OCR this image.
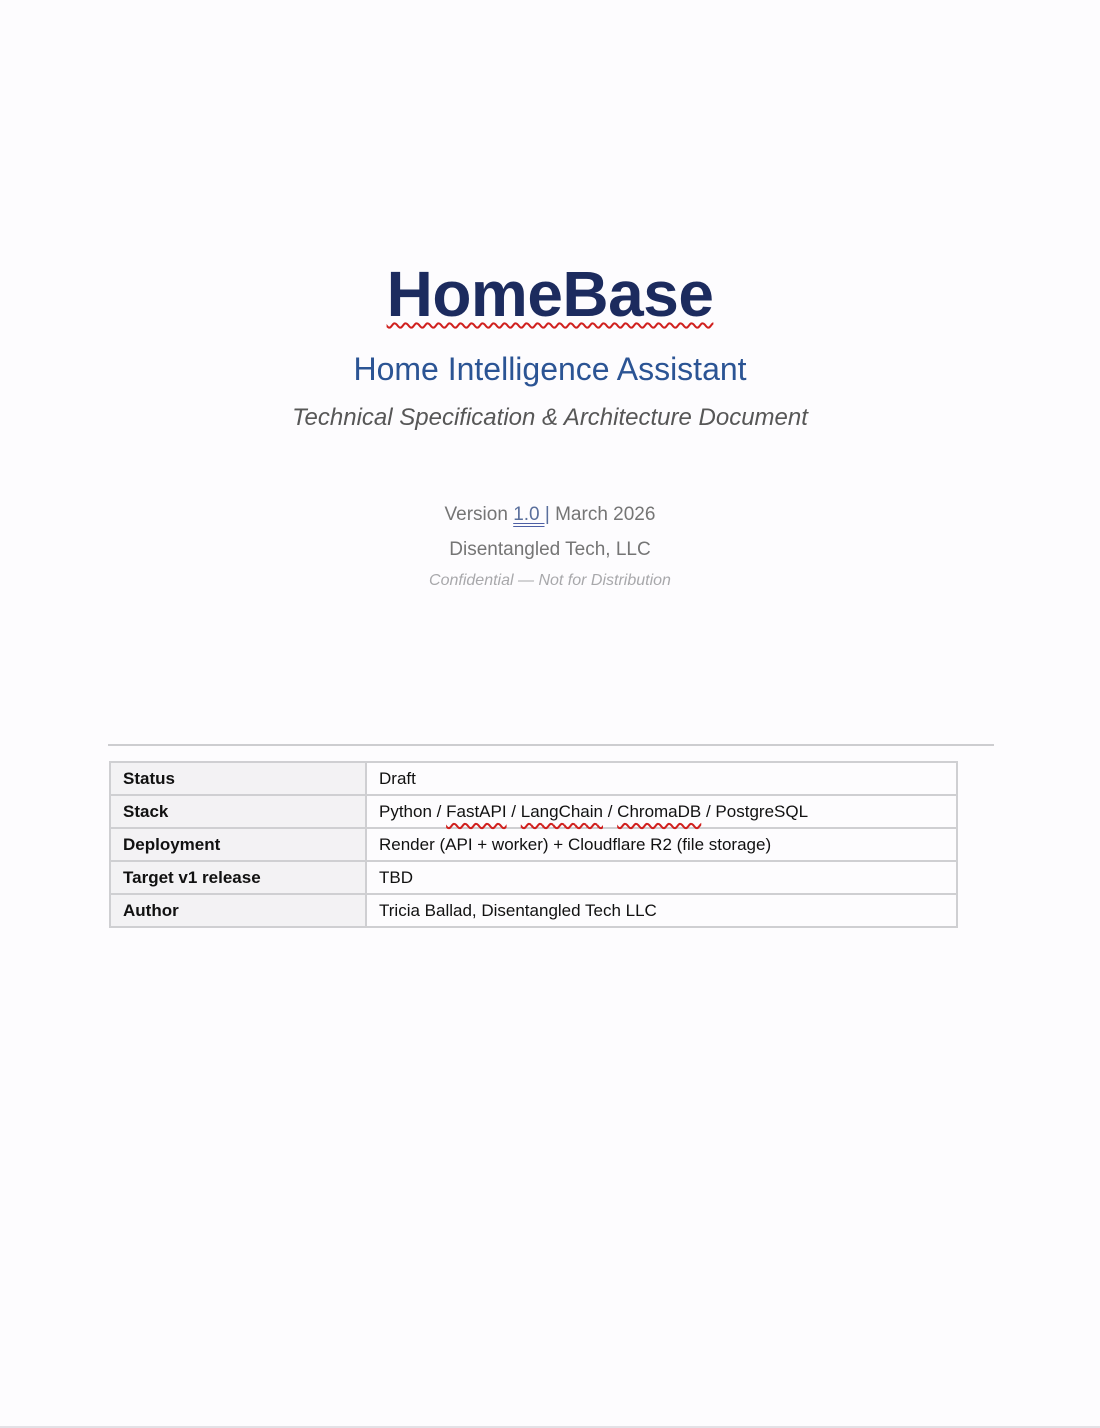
HomeBase
Home Intelligence Assistant
Technical Specification & Architecture Document
Version 1.0 | March 2026
Disentangled Tech, LLC
Confidential — Not for Distribution
Status	Draft
Stack	Python / FastAPI / LangChain / ChromaDB / PostgreSQL
Deployment	Render (API + worker) + Cloudflare R2 (file storage)
Target v1 release	TBD
Author	Tricia Ballad, Disentangled Tech LLC
